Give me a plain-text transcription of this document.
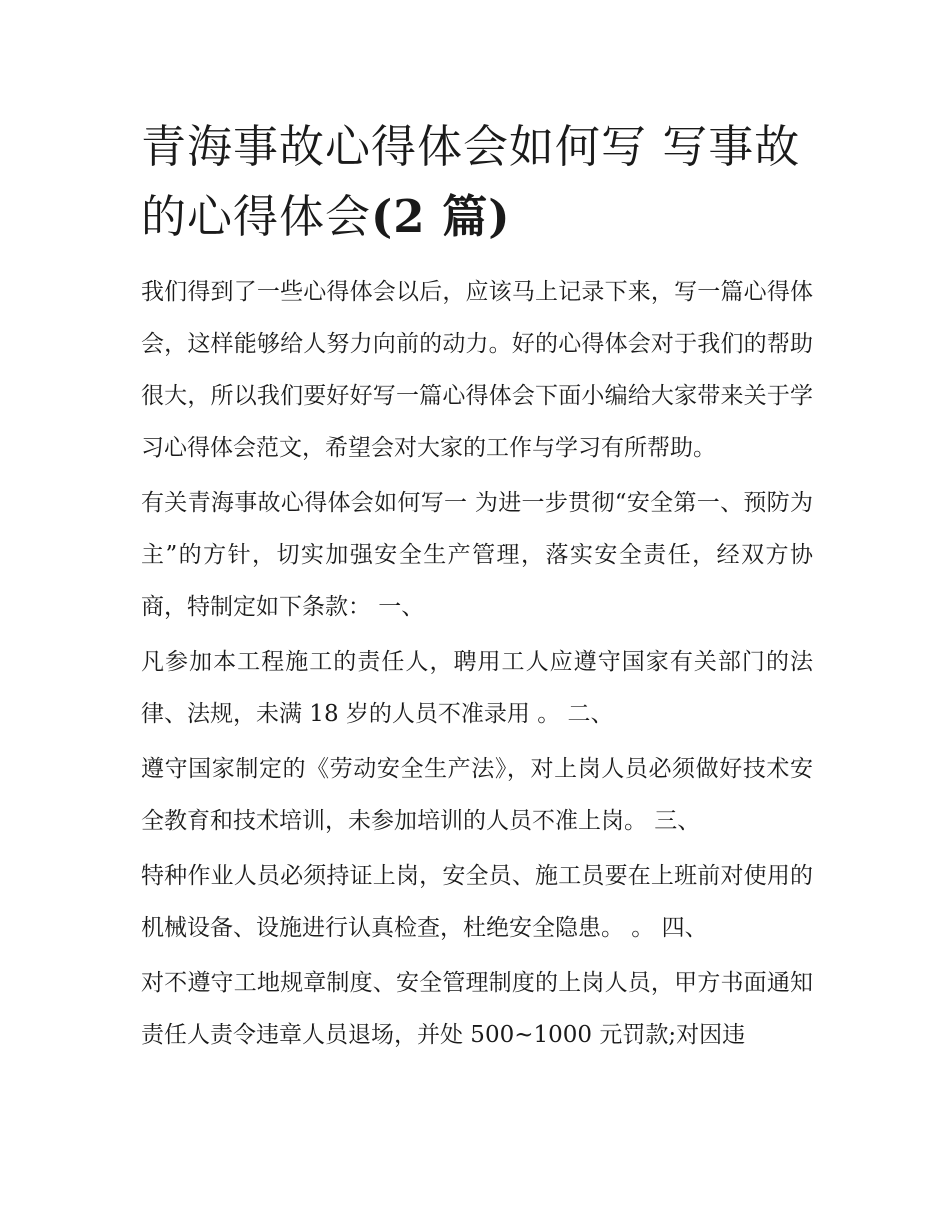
青海事故心得体会如何写 写事故的心得体会(2 篇)

我们得到了一些心得体会以后，应该马上记录下来，写一篇心得体会，这样能够给人努力向前的动力。好的心得体会对于我们的帮助很大，所以我们要好好写一篇心得体会下面小编给大家带来关于学习心得体会范文，希望会对大家的工作与学习有所帮助。

有关青海事故心得体会如何写一 为进一步贯彻“安全第一、预防为主”的方针，切实加强安全生产管理，落实安全责任，经双方协商，特制定如下条款： 一、

凡参加本工程施工的责任人，聘用工人应遵守国家有关部门的法律、法规，未满 18 岁的人员不准录用 。 二、

遵守国家制定的《劳动安全生产法》，对上岗人员必须做好技术安全教育和技术培训，未参加培训的人员不准上岗。 三、

特种作业人员必须持证上岗，安全员、施工员要在上班前对使用的机械设备、设施进行认真检查，杜绝安全隐患。 。 四、

对不遵守工地规章制度、安全管理制度的上岗人员，甲方书面通知责任人责令违章人员退场，并处 500~1000 元罚款;对因违
